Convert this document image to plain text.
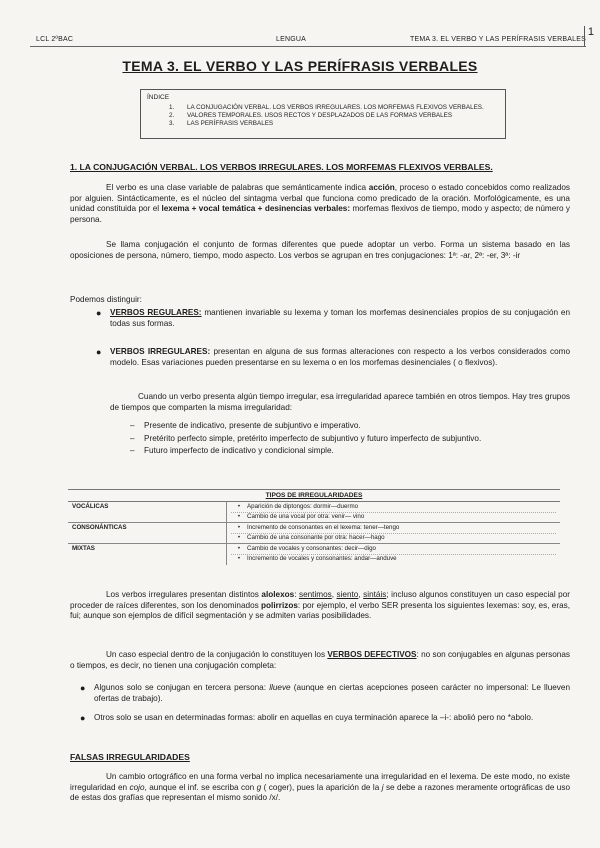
LCL 2ºBAC	LENGUA	TEMA 3. EL VERBO Y LAS PERÍFRASIS VERBALES
1
TEMA 3. EL VERBO Y LAS PERÍFRASIS VERBALES
ÍNDICE
1.	LA CONJUGACIÓN VERBAL. LOS VERBOS IRREGULARES. LOS MORFEMAS FLEXIVOS VERBALES.
2.	VALORES TEMPORALES. USOS RECTOS Y DESPLAZADOS DE LAS FORMAS VERBALES
3.	LAS PERÍFRASIS VERBALES
1. LA CONJUGACIÓN VERBAL. LOS VERBOS IRREGULARES. LOS MORFEMAS FLEXIVOS VERBALES.
El verbo es una clase variable de palabras que semánticamente indica acción, proceso o estado concebidos como realizados por alguien. Sintácticamente, es el núcleo del sintagma verbal que funciona como predicado de la oración. Morfológicamente, es una unidad constituida por el lexema + vocal temática + desinencias verbales: morfemas flexivos de tiempo, modo y aspecto; de número y persona.
Se llama conjugación el conjunto de formas diferentes que puede adoptar un verbo. Forma un sistema basado en las oposiciones de persona, número, tiempo, modo aspecto. Los verbos se agrupan en tres conjugaciones: 1ª: -ar, 2ª: -er, 3ª: -ir
Podemos distinguir:
● VERBOS REGULARES: mantienen invariable su lexema y toman los morfemas desinenciales propios de su conjugación en todas sus formas.
● VERBOS IRREGULARES: presentan en alguna de sus formas alteraciones con respecto a los verbos considerados como modelo. Esas variaciones pueden presentarse en su lexema o en los morfemas desinenciales ( o flexivos).
Cuando un verbo presenta algún tiempo irregular, esa irregularidad aparece también en otros tiempos. Hay tres grupos de tiempos que comparten la misma irregularidad:
– Presente de indicativo, presente de subjuntivo e imperativo.
– Pretérito perfecto simple, pretérito imperfecto de subjuntivo y futuro imperfecto de subjuntivo.
– Futuro imperfecto de indicativo y condicional simple.
TIPOS DE IRREGULARIDADES	
VOCÁLICAS	• Aparición de diptongos: dormir—duermo
• Cambio de una vocal por otra: venir— vino

CONSONÁNTICAS	• Incremento de consonantes en el lexema: tener—tengo
• Cambio de una consonante por otra: hacer—hago

MIXTAS	• Cambio de vocales y consonantes: decir—digo
• Incremento de vocales y consonantes: andar—anduve
Los verbos irregulares presentan distintos alolexos: sentimos, siento, sintáis; incluso algunos constituyen un caso especial por proceder de raíces diferentes, son los denominados polirrizos: por ejemplo, el verbo SER presenta los siguientes lexemas: soy, es, eras, fui; aunque son ejemplos de difícil segmentación y se admiten varias posibilidades.
Un caso especial dentro de la conjugación lo constituyen los VERBOS DEFECTIVOS: no son conjugables en algunas personas o tiempos, es decir, no tienen una conjugación completa:
● Algunos solo se conjugan en tercera persona: llueve (aunque en ciertas acepciones poseen carácter no impersonal: Le llueven ofertas de trabajo).
● Otros solo se usan en determinadas formas: abolir en aquellas en cuya terminación aparece la –i-: abolió pero no *abolo.
FALSAS IRREGULARIDADES
Un cambio ortográfico en una forma verbal no implica necesariamente una irregularidad en el lexema. De este modo, no existe irregularidad en cojo, aunque el inf. se escriba con g ( coger), pues la aparición de la j se debe a razones meramente ortográficas de uso de estas dos grafías que representan el mismo sonido /x/.
